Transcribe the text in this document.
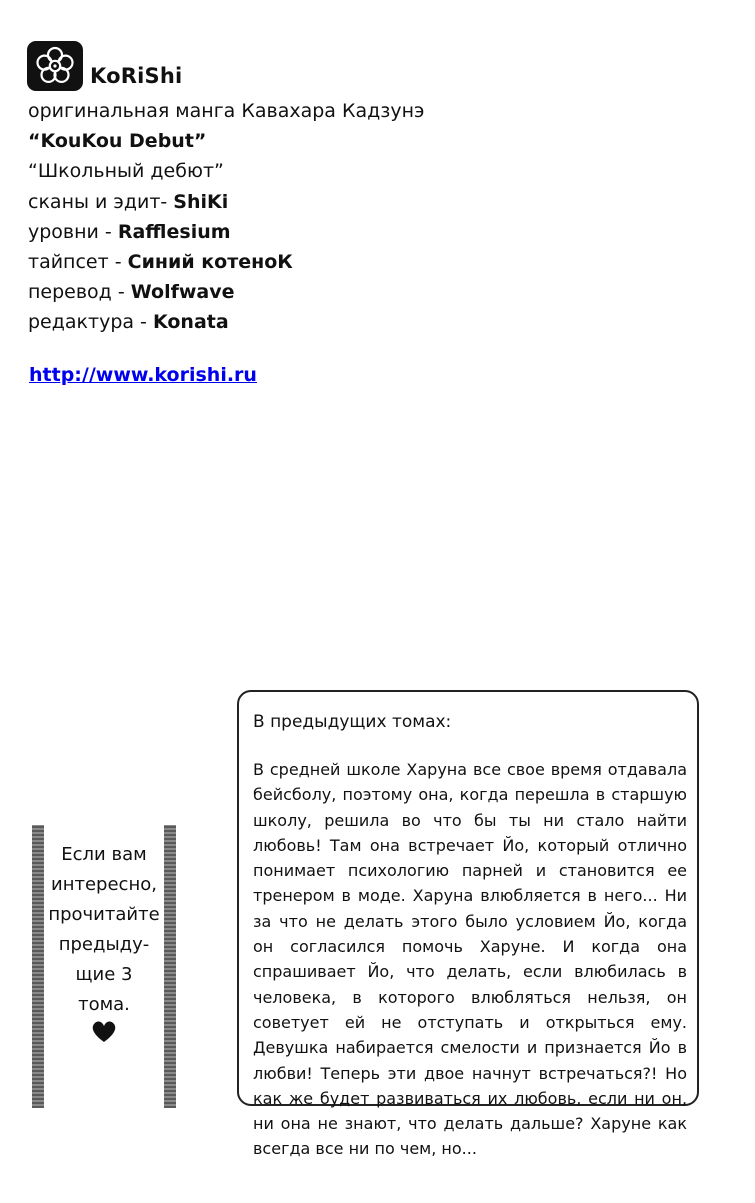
KoRiShi
оригинальная манга Кавахара Кадзунэ
“KouKou Debut”
“Школьный дебют”
сканы и эдит- ShiKi
уровни - Rafflesium
тайпсет - Синий котеноК
перевод - Wolfwave
редактура - Konata
http://www.korishi.ru
Если вам
интересно,
прочитайте
предыду-
щие 3
тома.
В предыдущих томах:

В средней школе Харуна все свое время отдавала бейсболу, поэтому она, когда перешла в старшую школу, решила во что бы ты ни стало найти любовь! Там она встречает Йо, который отлично понимает психологию парней и становится ее тренером в моде. Харуна влюбляется в него... Ни за что не делать этого было условием Йо, когда он согласился помочь Харуне. И когда она спрашивает Йо, что делать, если влюбилась в человека, в которого влюбляться нельзя, он советует ей не отступать и открыться ему. Девушка набирается смелости и признается Йо в любви! Теперь эти двое начнут встречаться?! Но как же будет развиваться их любовь, если ни он, ни она не знают, что делать дальше? Харуне как всегда все ни по чем, но...
